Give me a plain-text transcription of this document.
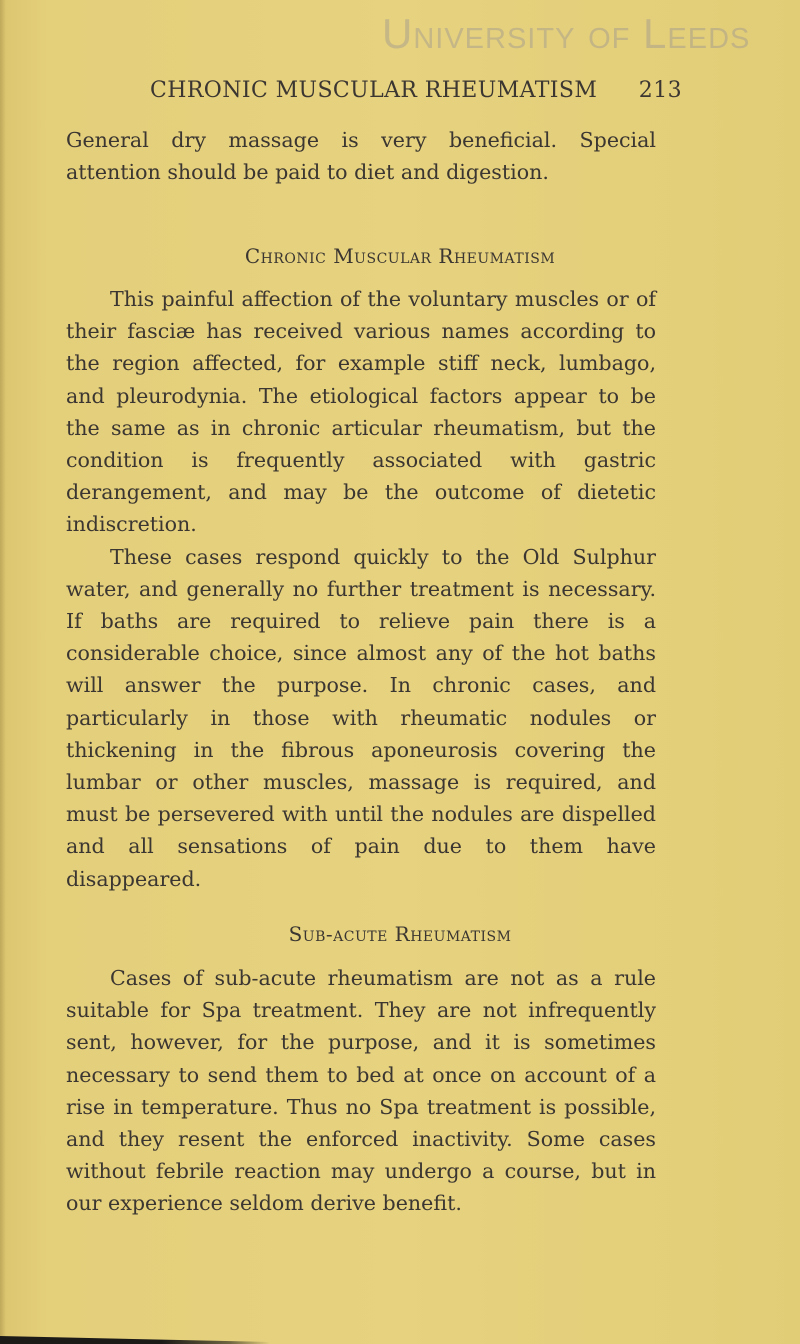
University of Leeds
CHRONIC MUSCULAR RHEUMATISM 213

General dry massage is very beneficial. Special attention should be paid to diet and digestion.

Chronic Muscular Rheumatism

This painful affection of the voluntary muscles or of their fasciæ has received various names according to the region affected, for example stiff neck, lumbago, and pleurodynia. The etiological factors appear to be the same as in chronic articular rheumatism, but the condition is frequently associated with gastric derangement, and may be the outcome of dietetic indiscretion.

These cases respond quickly to the Old Sulphur water, and generally no further treatment is necessary. If baths are required to relieve pain there is a considerable choice, since almost any of the hot baths will answer the purpose. In chronic cases, and particularly in those with rheumatic nodules or thickening in the fibrous aponeurosis covering the lumbar or other muscles, massage is required, and must be persevered with until the nodules are dispelled and all sensations of pain due to them have disappeared.

Sub-acute Rheumatism

Cases of sub-acute rheumatism are not as a rule suitable for Spa treatment. They are not infrequently sent, however, for the purpose, and it is sometimes necessary to send them to bed at once on account of a rise in temperature. Thus no Spa treatment is possible, and they resent the enforced inactivity. Some cases without febrile reaction may undergo a course, but in our experience seldom derive benefit.
